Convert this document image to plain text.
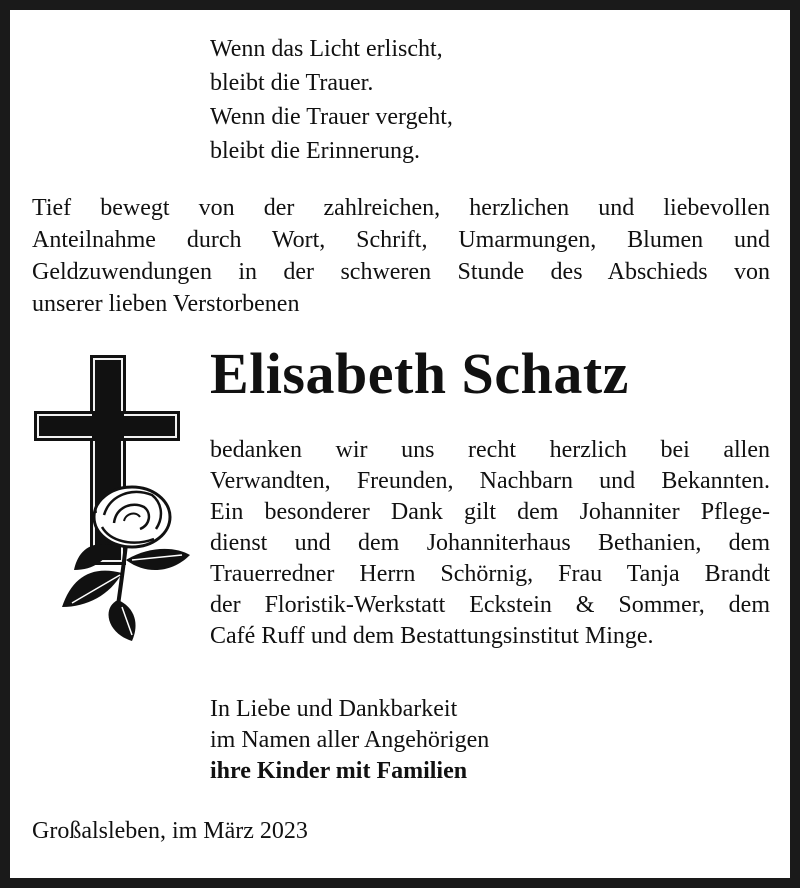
Wenn das Licht erlischt,
bleibt die Trauer.
Wenn die Trauer vergeht,
bleibt die Erinnerung.
Tief bewegt von der zahlreichen, herzlichen und liebevollen
Anteilnahme durch Wort, Schrift, Umarmungen, Blumen und
Geldzuwendungen in der schweren Stunde des Abschieds von
unserer lieben Verstorbenen
Elisabeth Schatz
bedanken wir uns recht herzlich bei allen
Verwandten, Freunden, Nachbarn und Bekannten.
Ein besonderer Dank gilt dem Johanniter Pflege-
dienst und dem Johanniterhaus Bethanien, dem
Trauerredner Herrn Schörnig, Frau Tanja Brandt
der Floristik-Werkstatt Eckstein & Sommer, dem
Café Ruff und dem Bestattungsinstitut Minge.
In Liebe und Dankbarkeit
im Namen aller Angehörigen
ihre Kinder mit Familien
Großalsleben, im März 2023
